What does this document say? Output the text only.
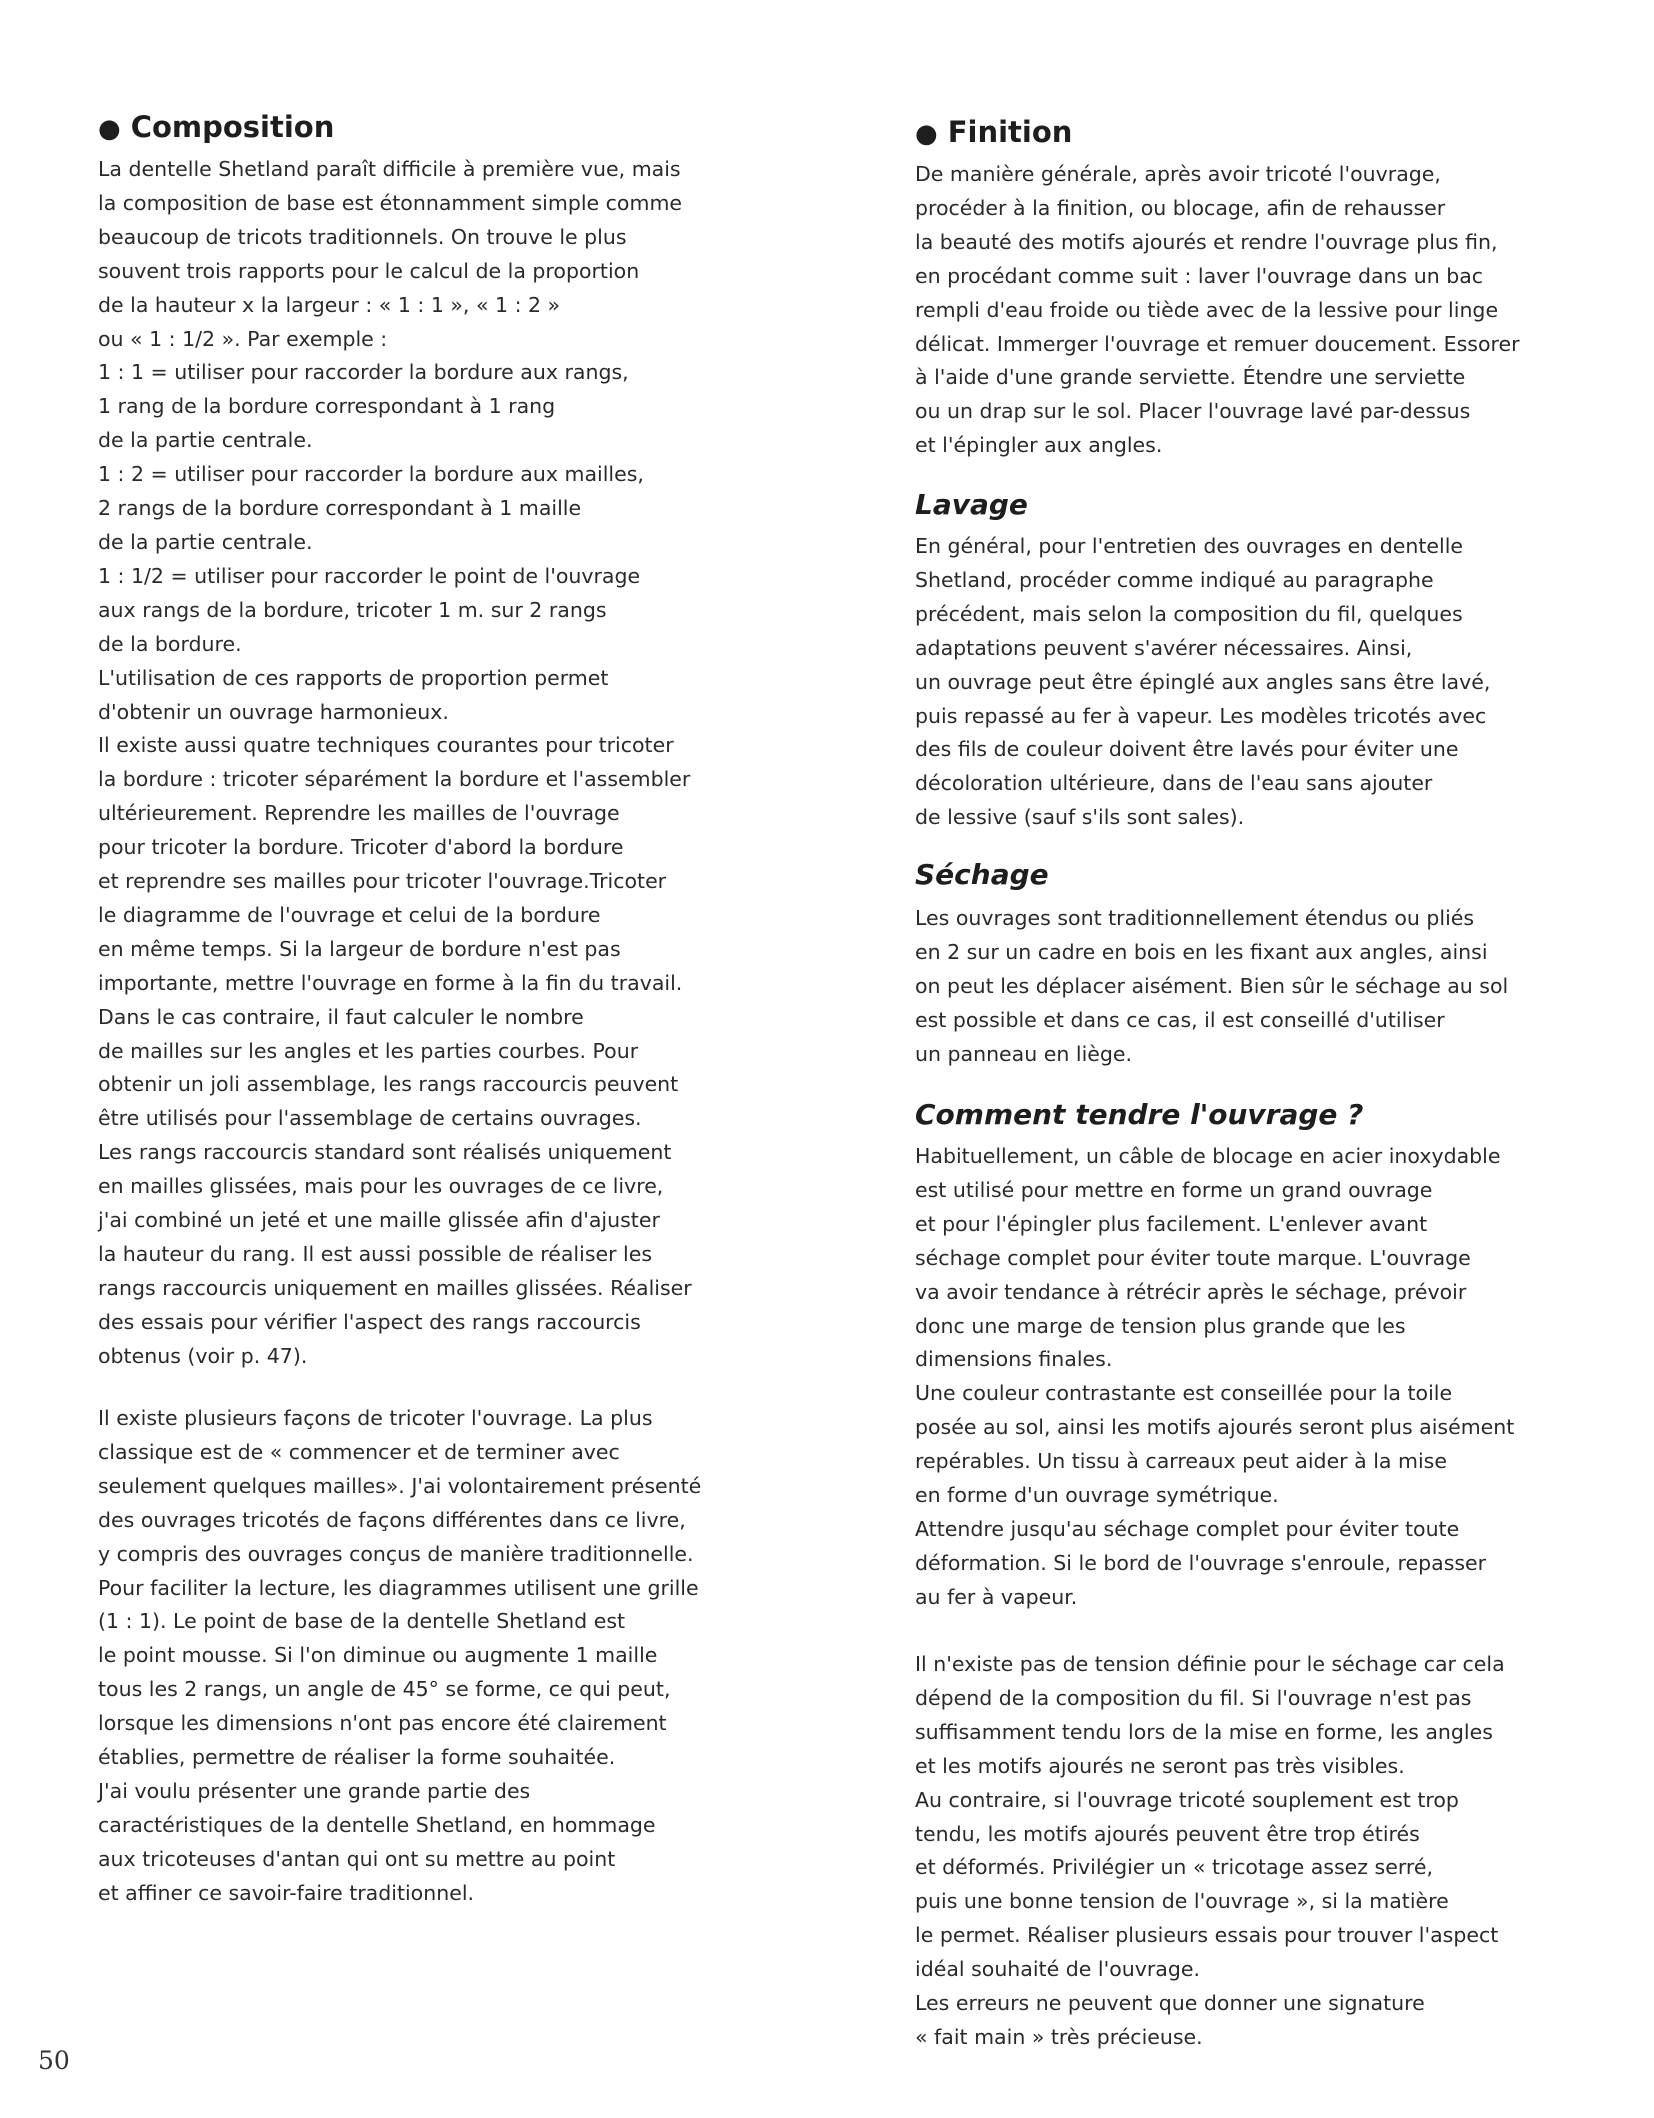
● Composition
La dentelle Shetland paraît difficile à première vue, mais
la composition de base est étonnamment simple comme
beaucoup de tricots traditionnels. On trouve le plus
souvent trois rapports pour le calcul de la proportion
de la hauteur x la largeur : « 1 : 1 », « 1 : 2 »
ou « 1 : 1/2 ». Par exemple :
1 : 1 = utiliser pour raccorder la bordure aux rangs,
1 rang de la bordure correspondant à 1 rang
de la partie centrale.
1 : 2 = utiliser pour raccorder la bordure aux mailles,
2 rangs de la bordure correspondant à 1 maille
de la partie centrale.
1 : 1/2 = utiliser pour raccorder le point de l'ouvrage
aux rangs de la bordure, tricoter 1 m. sur 2 rangs
de la bordure.
L'utilisation de ces rapports de proportion permet
d'obtenir un ouvrage harmonieux.
Il existe aussi quatre techniques courantes pour tricoter
la bordure : tricoter séparément la bordure et l'assembler
ultérieurement. Reprendre les mailles de l'ouvrage
pour tricoter la bordure. Tricoter d'abord la bordure
et reprendre ses mailles pour tricoter l'ouvrage.Tricoter
le diagramme de l'ouvrage et celui de la bordure
en même temps. Si la largeur de bordure n'est pas
importante, mettre l'ouvrage en forme à la fin du travail.
Dans le cas contraire, il faut calculer le nombre
de mailles sur les angles et les parties courbes. Pour
obtenir un joli assemblage, les rangs raccourcis peuvent
être utilisés pour l'assemblage de certains ouvrages.
Les rangs raccourcis standard sont réalisés uniquement
en mailles glissées, mais pour les ouvrages de ce livre,
j'ai combiné un jeté et une maille glissée afin d'ajuster
la hauteur du rang. Il est aussi possible de réaliser les
rangs raccourcis uniquement en mailles glissées. Réaliser
des essais pour vérifier l'aspect des rangs raccourcis
obtenus (voir p. 47).
Il existe plusieurs façons de tricoter l'ouvrage. La plus
classique est de « commencer et de terminer avec
seulement quelques mailles». J'ai volontairement présenté
des ouvrages tricotés de façons différentes dans ce livre,
y compris des ouvrages conçus de manière traditionnelle.
Pour faciliter la lecture, les diagrammes utilisent une grille
(1 : 1). Le point de base de la dentelle Shetland est
le point mousse. Si l'on diminue ou augmente 1 maille
tous les 2 rangs, un angle de 45° se forme, ce qui peut,
lorsque les dimensions n'ont pas encore été clairement
établies, permettre de réaliser la forme souhaitée.
J'ai voulu présenter une grande partie des
caractéristiques de la dentelle Shetland, en hommage
aux tricoteuses d'antan qui ont su mettre au point
et affiner ce savoir-faire traditionnel.
● Finition
De manière générale, après avoir tricoté l'ouvrage,
procéder à la finition, ou blocage, afin de rehausser
la beauté des motifs ajourés et rendre l'ouvrage plus fin,
en procédant comme suit : laver l'ouvrage dans un bac
rempli d'eau froide ou tiède avec de la lessive pour linge
délicat. Immerger l'ouvrage et remuer doucement. Essorer
à l'aide d'une grande serviette. Étendre une serviette
ou un drap sur le sol. Placer l'ouvrage lavé par-dessus
et l'épingler aux angles.
Lavage
En général, pour l'entretien des ouvrages en dentelle
Shetland, procéder comme indiqué au paragraphe
précédent, mais selon la composition du fil, quelques
adaptations peuvent s'avérer nécessaires. Ainsi,
un ouvrage peut être épinglé aux angles sans être lavé,
puis repassé au fer à vapeur. Les modèles tricotés avec
des fils de couleur doivent être lavés pour éviter une
décoloration ultérieure, dans de l'eau sans ajouter
de lessive (sauf s'ils sont sales).
Séchage
Les ouvrages sont traditionnellement étendus ou pliés
en 2 sur un cadre en bois en les fixant aux angles, ainsi
on peut les déplacer aisément. Bien sûr le séchage au sol
est possible et dans ce cas, il est conseillé d'utiliser
un panneau en liège.
Comment tendre l'ouvrage ?
Habituellement, un câble de blocage en acier inoxydable
est utilisé pour mettre en forme un grand ouvrage
et pour l'épingler plus facilement. L'enlever avant
séchage complet pour éviter toute marque. L'ouvrage
va avoir tendance à rétrécir après le séchage, prévoir
donc une marge de tension plus grande que les
dimensions finales.
Une couleur contrastante est conseillée pour la toile
posée au sol, ainsi les motifs ajourés seront plus aisément
repérables. Un tissu à carreaux peut aider à la mise
en forme d'un ouvrage symétrique.
Attendre jusqu'au séchage complet pour éviter toute
déformation. Si le bord de l'ouvrage s'enroule, repasser
au fer à vapeur.
Il n'existe pas de tension définie pour le séchage car cela
dépend de la composition du fil. Si l'ouvrage n'est pas
suffisamment tendu lors de la mise en forme, les angles
et les motifs ajourés ne seront pas très visibles.
Au contraire, si l'ouvrage tricoté souplement est trop
tendu, les motifs ajourés peuvent être trop étirés
et déformés. Privilégier un « tricotage assez serré,
puis une bonne tension de l'ouvrage », si la matière
le permet. Réaliser plusieurs essais pour trouver l'aspect
idéal souhaité de l'ouvrage.
Les erreurs ne peuvent que donner une signature
« fait main » très précieuse.
50
